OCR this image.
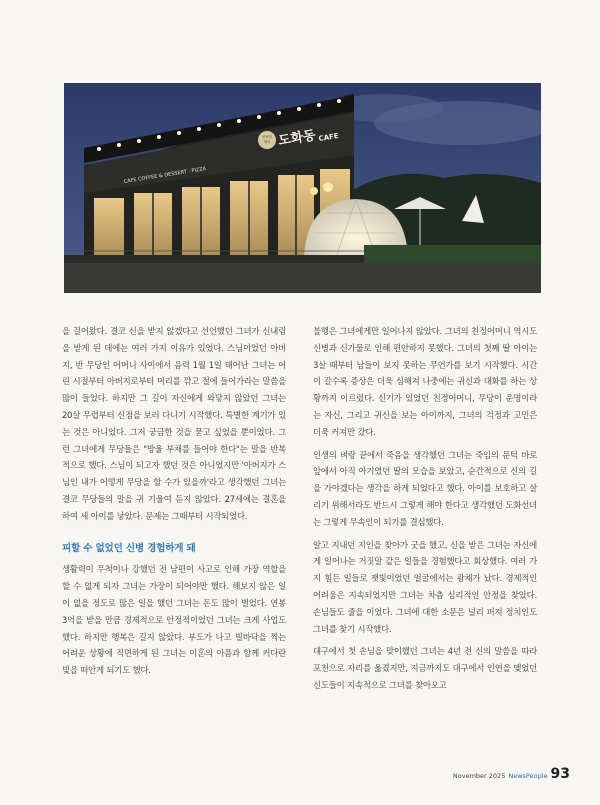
CAFE COFFEE & DESSERT · PIZZA
도화동 CAFE
신선한
재료

을 걸어왔다. 결코 신을 받지 않겠다고 선언했던 그녀가 신내림을 받게 된 데에는 여러 가지 이유가 있었다. 스님이었던 아버지, 반 무당인 어머니 사이에서 음력 1월 1일 태어난 그녀는 어린 시절부터 아버지로부터 머리를 깎고 절에 들어가라는 말씀을 많이 들었다. 하지만 그 길이 자신에게 와닿지 않았던 그녀는 20살 무렵부터 신점을 보러 다니기 시작했다. 특별한 계기가 있는 것은 아니었다. 그저 궁금한 것을 묻고 싶었을 뿐이었다. 그런 그녀에게 무당들은 "방울 부채를 들어야 한다"는 말을 반복적으로 했다. 스님이 되고자 했던 것은 아니었지만 '아버지가 스님인 내가 어떻게 무당을 할 수가 있을까'라고 생각했던 그녀는 결코 무당들의 말을 귀 기울여 듣지 않았다. 27세에는 결혼을 하여 세 아이를 낳았다. 문제는 그때부터 시작되었다.

피할 수 없었던 신병 경험하게 돼

생활력이 무척이나 강했던 전 남편이 사고로 인해 가장 역할을 할 수 없게 되자 그녀는 가장이 되어야만 했다. 해보지 않은 일이 없을 정도로 많은 일을 했던 그녀는 돈도 많이 벌었다. 연봉 3억을 받을 만큼 경제적으로 안정적이었던 그녀는 크게 사업도 했다. 하지만 행복은 길지 않았다. 부도가 나고 빌바닥을 찍는 어려운 상황에 직면하게 된 그녀는 이혼의 아픔과 함께 커다란 빚을 떠안게 되기도 했다.

불행은 그녀에게만 일어나지 않았다. 그녀의 친정어머니 역시도 신병과 신가물로 인해 편안하지 못했다. 그녀의 첫째 딸 아이는 3살 때부터 남들이 보지 못하는 무언가를 보기 시작했다. 시간이 갈수록 증상은 더욱 심해져 나중에는 귀신과 대화를 하는 상황까지 이르렀다. 신기가 있었던 친정어머니, 무당이 운명이라는 자신, 그리고 귀신을 보는 아이까지, 그녀의 걱정과 고민은 더욱 커져만 갔다.

인생의 벼랑 끝에서 죽음을 생각했던 그녀는 죽임의 문턱 바로 앞에서 아직 아기였던 딸의 모습을 보았고, 순간적으로 신의 길을 가야겠다는 생각을 하게 되었다고 했다. 아이를 보호하고 살리기 위해서라도 반드시 그렇게 해야 한다고 생각했던 도화선녀는 그렇게 무속인이 되기를 결심했다.

알고 지내던 지인을 찾아가 굿을 했고, 신을 받은 그녀는 자신에게 일어나는 거짓말 같은 일들을 경험했다고 회상했다. 여러 가지 힘든 일들로 잿빛이었던 얼굴에서는 광채가 났다. 경제적인 어려움은 지속되었지만 그녀는 차츰 심리적인 안정을 찾았다. 손님들도 줄을 이었다. 그녀에 대한 소문은 널리 퍼져 정치인도 그녀를 찾기 시작했다.

대구에서 첫 손님을 맞이했던 그녀는 4년 전 신의 말씀을 따라 포천으로 자리를 옮겼지만, 지금까지도 대구에서 인연을 맺었던 신도들이 지속적으로 그녀를 찾아오고

November 2025 NewsPeople 93
